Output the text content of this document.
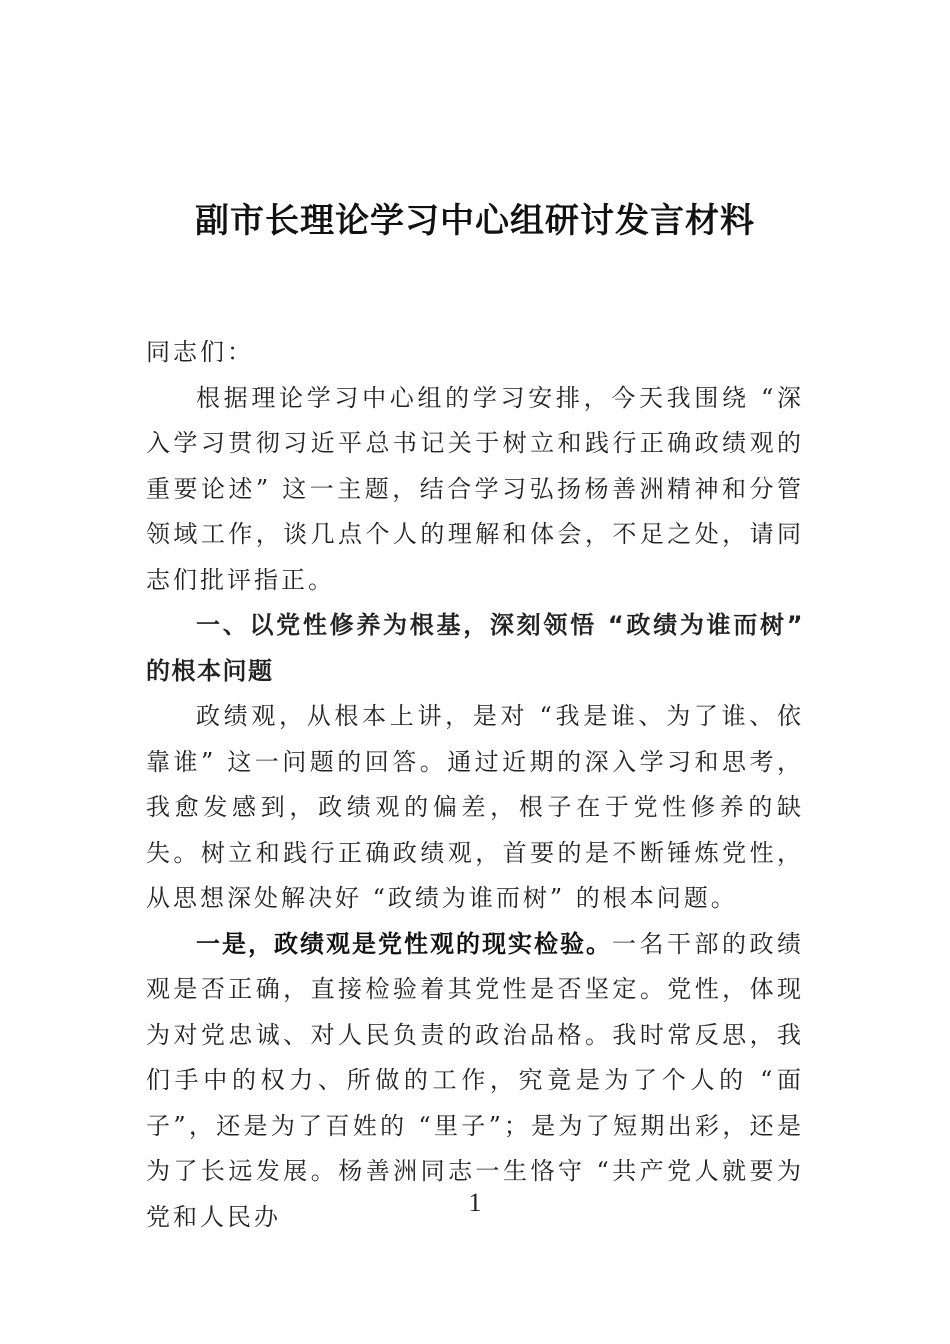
副市长理论学习中心组研讨发言材料

同志们：

根据理论学习中心组的学习安排，今天我围绕 “深入学习贯彻习近平总书记关于树立和践行正确政绩观的重要论述” 这一主题，结合学习弘扬杨善洲精神和分管领域工作，谈几点个人的理解和体会，不足之处，请同志们批评指正。

一、以党性修养为根基，深刻领悟 “政绩为谁而树” 的根本问题

政绩观，从根本上讲，是对 “我是谁、为了谁、依靠谁” 这一问题的回答。通过近期的深入学习和思考，我愈发感到，政绩观的偏差，根子在于党性修养的缺失。树立和践行正确政绩观，首要的是不断锤炼党性，从思想深处解决好 “政绩为谁而树” 的根本问题。

一是，政绩观是党性观的现实检验。一名干部的政绩观是否正确，直接检验着其党性是否坚定。党性，体现为对党忠诚、对人民负责的政治品格。我时常反思，我们手中的权力、所做的工作，究竟是为了个人的 “面子”，还是为了百姓的 “里子”；是为了短期出彩，还是为了长远发展。杨善洲同志一生恪守 “共产党人就要为党和人民办	1
